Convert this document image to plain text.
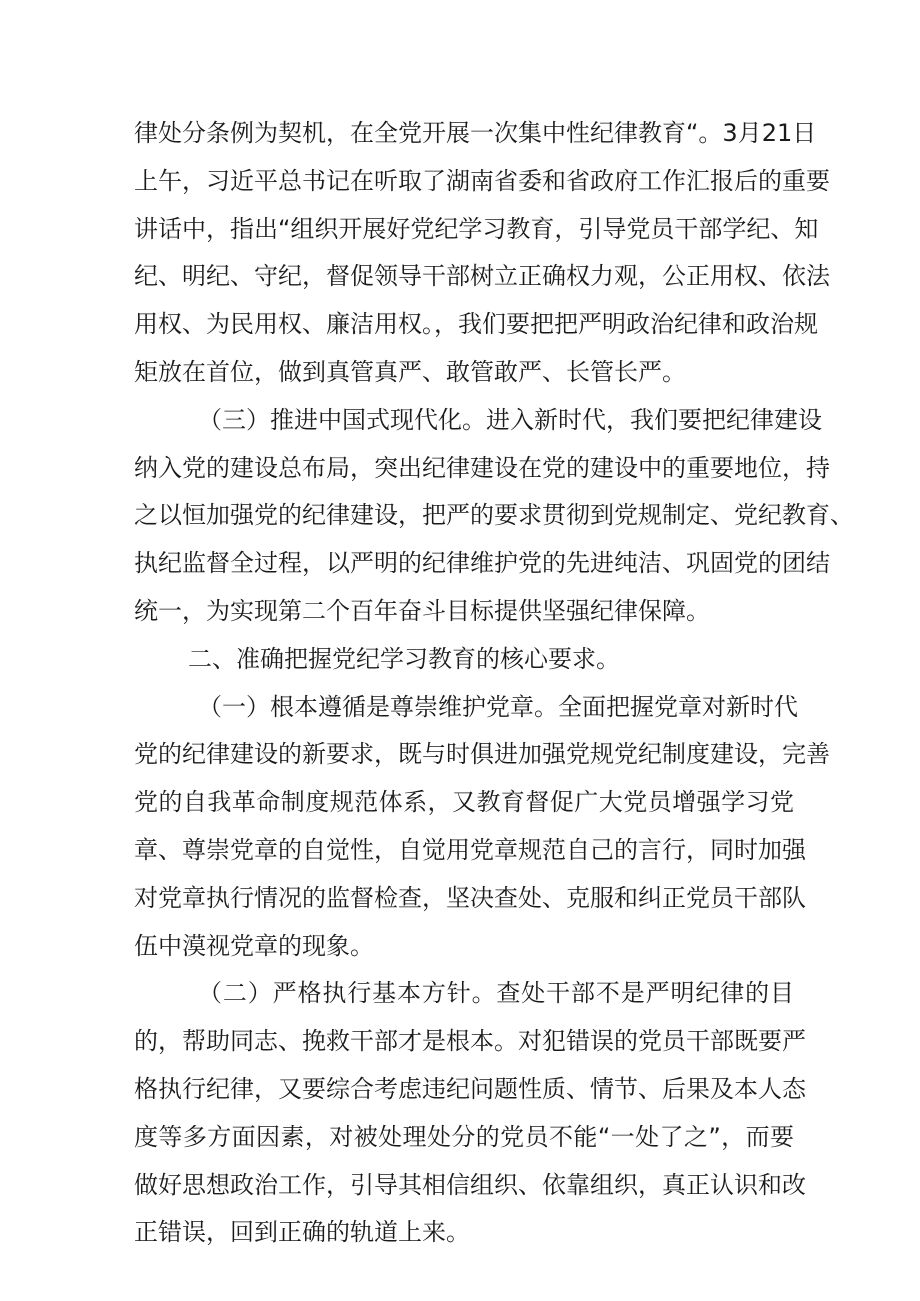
律处分条例为契机，在全党开展一次集中性纪律教育“。3月21日
上午，习近平总书记在听取了湖南省委和省政府工作汇报后的重要
讲话中，指出“组织开展好党纪学习教育，引导党员干部学纪、知
纪、明纪、守纪，督促领导干部树立正确权力观，公正用权、依法
用权、为民用权、廉洁用权。，我们要把把严明政治纪律和政治规
矩放在首位，做到真管真严、敢管敢严、长管长严。
（三）推进中国式现代化。进入新时代，我们要把纪律建设
纳入党的建设总布局，突出纪律建设在党的建设中的重要地位，持
之以恒加强党的纪律建设，把严的要求贯彻到党规制定、党纪教育、
执纪监督全过程，以严明的纪律维护党的先进纯洁、巩固党的团结
统一，为实现第二个百年奋斗目标提供坚强纪律保障。
二、准确把握党纪学习教育的核心要求。
（一）根本遵循是尊崇维护党章。全面把握党章对新时代
党的纪律建设的新要求，既与时俱进加强党规党纪制度建设，完善
党的自我革命制度规范体系，又教育督促广大党员增强学习党
章、尊崇党章的自觉性，自觉用党章规范自己的言行，同时加强
对党章执行情况的监督检查，坚决查处、克服和纠正党员干部队
伍中漠视党章的现象。
（二）严格执行基本方针。查处干部不是严明纪律的目
的，帮助同志、挽救干部才是根本。对犯错误的党员干部既要严
格执行纪律，又要综合考虑违纪问题性质、情节、后果及本人态
度等多方面因素，对被处理处分的党员不能“一处了之”，而要
做好思想政治工作，引导其相信组织、依靠组织，真正认识和改
正错误，回到正确的轨道上来。
